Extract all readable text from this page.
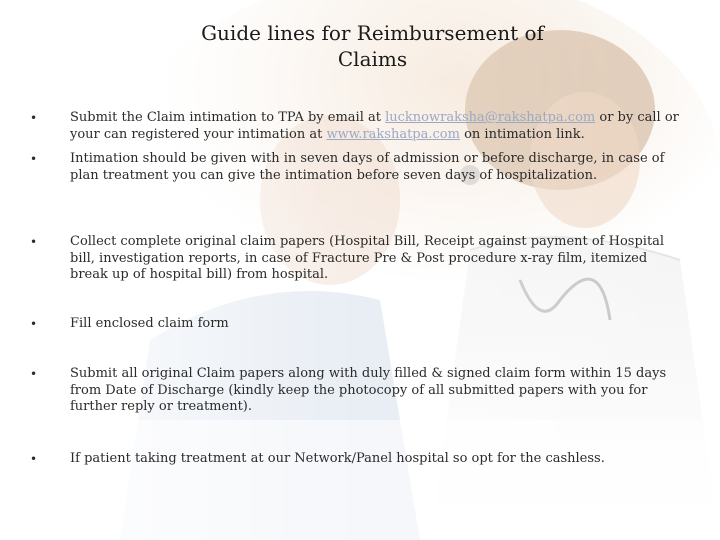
Guide lines for Reimbursement of
Claims
•	Submit the Claim intimation to TPA by email at lucknowraksha@rakshatpa.com or by call or your can registered your intimation at www.rakshatpa.com on intimation link.
•	Intimation should be given with in seven days of admission or before discharge, in case of plan treatment you can give the intimation before seven days of hospitalization.
•	Collect complete original claim papers (Hospital Bill, Receipt against payment of Hospital bill, investigation reports, in case of Fracture Pre & Post procedure x-ray film, itemized break up of hospital bill) from hospital.
•	Fill enclosed claim form
•	Submit all original Claim papers along with duly filled & signed claim form within 15 days from Date of Discharge (kindly keep the photocopy of all submitted papers with you for further reply or treatment).
•	If patient taking treatment at our Network/Panel hospital so opt for the cashless.
